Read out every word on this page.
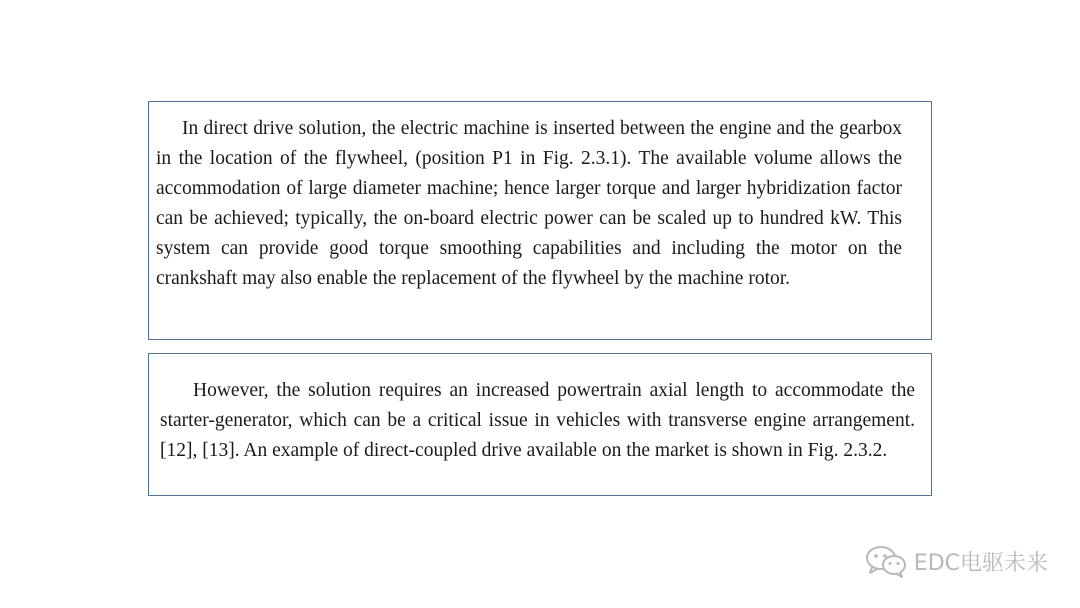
In direct drive solution, the electric machine is inserted between the engine and the gearbox in the location of the flywheel, (position P1 in Fig. 2.3.1). The available volume allows the accommodation of large diameter machine; hence larger torque and larger hybridization factor can be achieved; typically, the on-board electric power can be scaled up to hundred kW. This system can provide good torque smoothing capabilities and including the motor on the crankshaft may also enable the replacement of the flywheel by the machine rotor.

However, the solution requires an increased powertrain axial length to accommodate the starter-generator, which can be a critical issue in vehicles with transverse engine arrangement. [12], [13]. An example of direct-coupled drive available on the market is shown in Fig. 2.3.2.

EDC电驱未来
